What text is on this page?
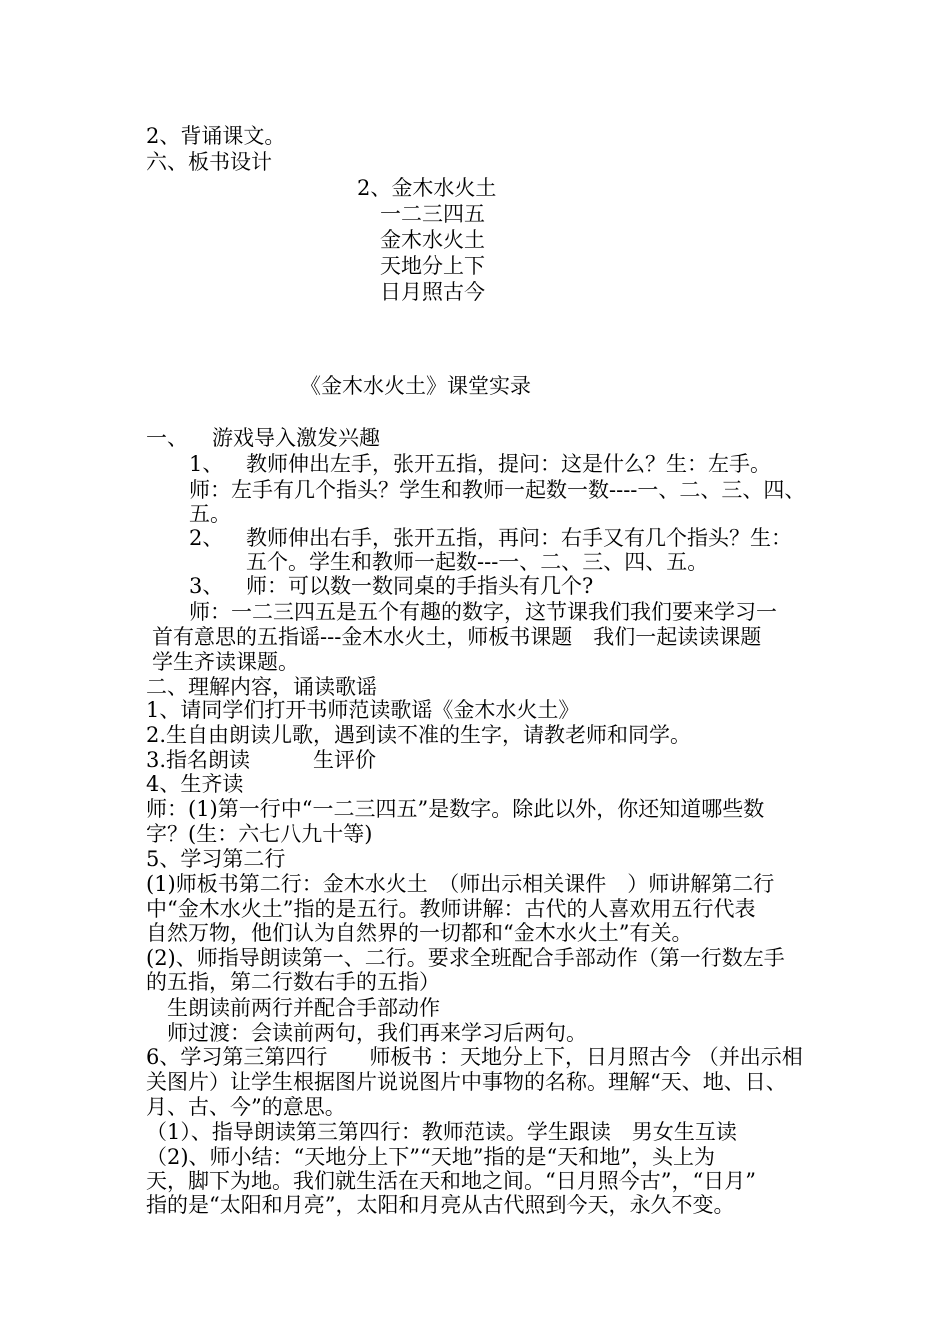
2、背诵课文。
六、板书设计
2、金木水火土
一二三四五
金木水火土
天地分上下
日月照古今
《金木水火土》课堂实录
一、 游戏导入激发兴趣
1、 教师伸出左手，张开五指，提问：这是什么？生：左手。
师：左手有几个指头？学生和教师一起数一数----一、二、三、四、
五。
2、 教师伸出右手，张开五指，再问：右手又有几个指头？生：
五个。学生和教师一起数---一、二、三、四、五。
3、 师：可以数一数同桌的手指头有几个?
师：一二三四五是五个有趣的数字，这节课我们我们要来学习一
首有意思的五指谣---金木水火土，师板书课题　我们一起读读课题
学生齐读课题。
二、理解内容，诵读歌谣
1、请同学们打开书师范读歌谣《金木水火土》
2.生自由朗读儿歌，遇到读不准的生字，请教老师和同学。
3.指名朗读　　　生评价
4、生齐读
师：(1)第一行中“一二三四五”是数字。除此以外，你还知道哪些数
字？(生：六七八九十等)
5、学习第二行
(1)师板书第二行：金木水火土　（师出示相关课件　）师讲解第二行
中“金木水火土”指的是五行。教师讲解：古代的人喜欢用五行代表
自然万物，他们认为自然界的一切都和“金木水火土”有关。
(2)、师指导朗读第一、二行。要求全班配合手部动作（第一行数左手
的五指，第二行数右手的五指）
生朗读前两行并配合手部动作
师过渡：会读前两句，我们再来学习后两句。
6、学习第三第四行　　师板书 ：天地分上下，日月照古今 （并出示相
关图片）让学生根据图片说说图片中事物的名称。理解“天、地、日、
月、古、今”的意思。
（1）、指导朗读第三第四行：教师范读。学生跟读　男女生互读
（2)、师小结：“天地分上下”“天地”指的是“天和地”，头上为
天，脚下为地。我们就生活在天和地之间。“日月照今古”，“日月”
指的是“太阳和月亮”，太阳和月亮从古代照到今天，永久不变。
